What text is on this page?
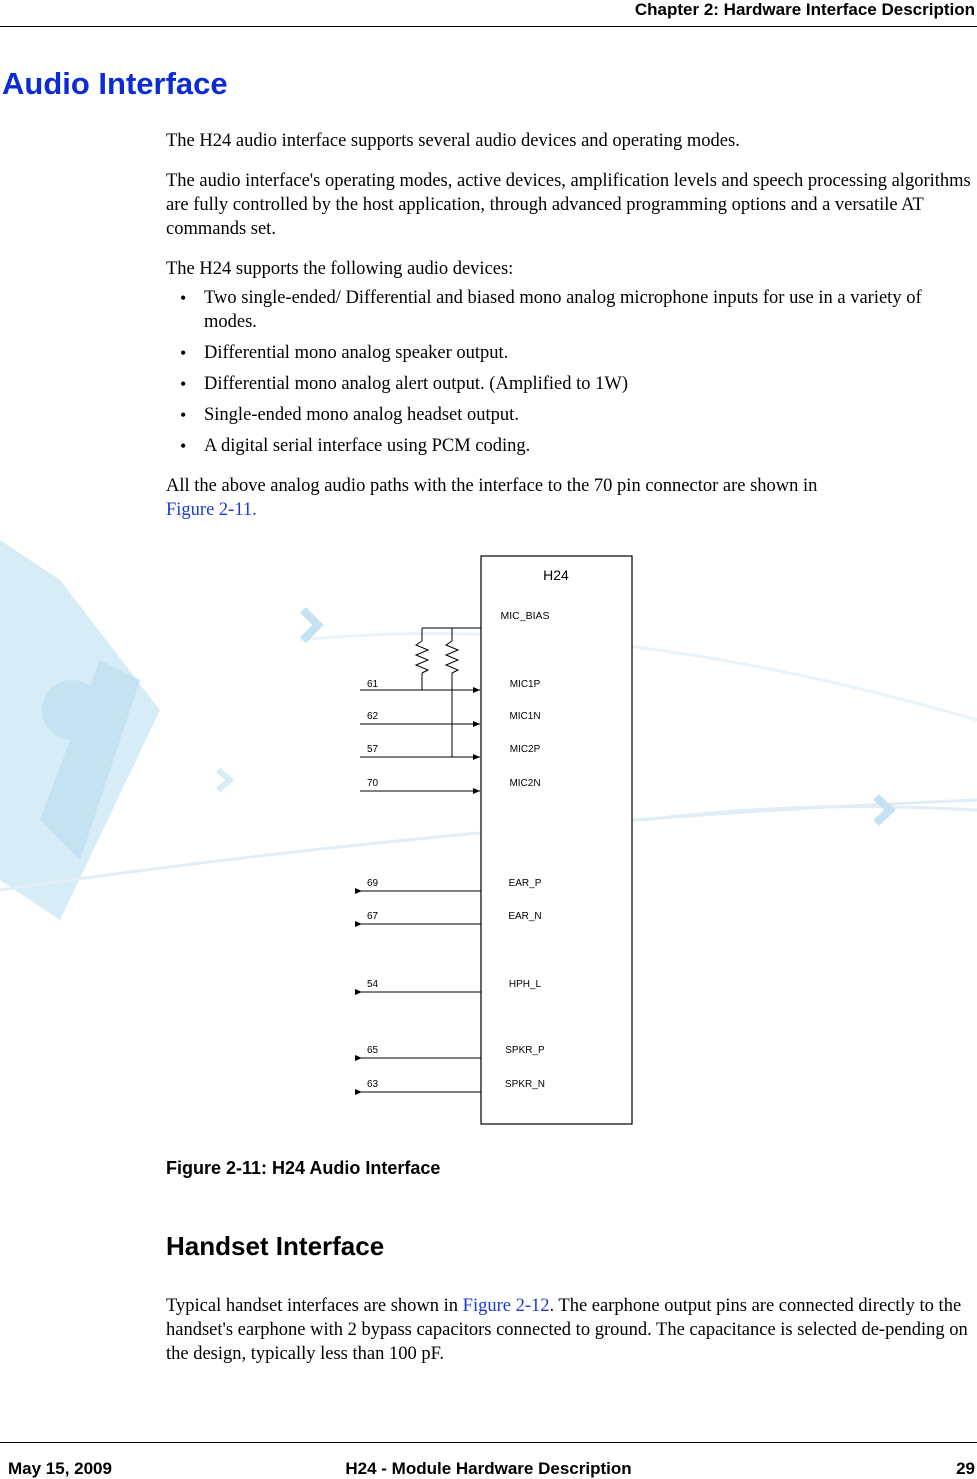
Chapter 2: Hardware Interface Description
Audio Interface

The H24 audio interface supports several audio devices and operating modes.

The audio interface's operating modes, active devices, amplification levels and speech processing algorithms are fully controlled by the host application, through advanced programming options and a versatile AT commands set.

The H24 supports the following audio devices:

• Two single-ended/ Differential and biased mono analog microphone inputs for use in a variety of modes.
• Differential mono analog speaker output.
• Differential mono analog alert output. (Amplified to 1W)
• Single-ended mono analog headset output.
• A digital serial interface using PCM coding.

All the above analog audio paths with the interface to the 70 pin connector are shown in
Figure 2-11.

H24
MIC_BIAS
61	MIC1P
62	MIC1N
57	MIC2P
70	MIC2N
69	EAR_P
67	EAR_N
54	HPH_L
65	SPKR_P
63	SPKR_N
Figure 2-11: H24 Audio Interface
Handset Interface

Typical handset interfaces are shown in Figure 2-12. The earphone output pins are connected directly to the handset's earphone with 2 bypass capacitors connected to ground. The capacitance is selected de-pending on the design, typically less than 100 pF.

May 15, 2009	H24 - Module Hardware Description	29
